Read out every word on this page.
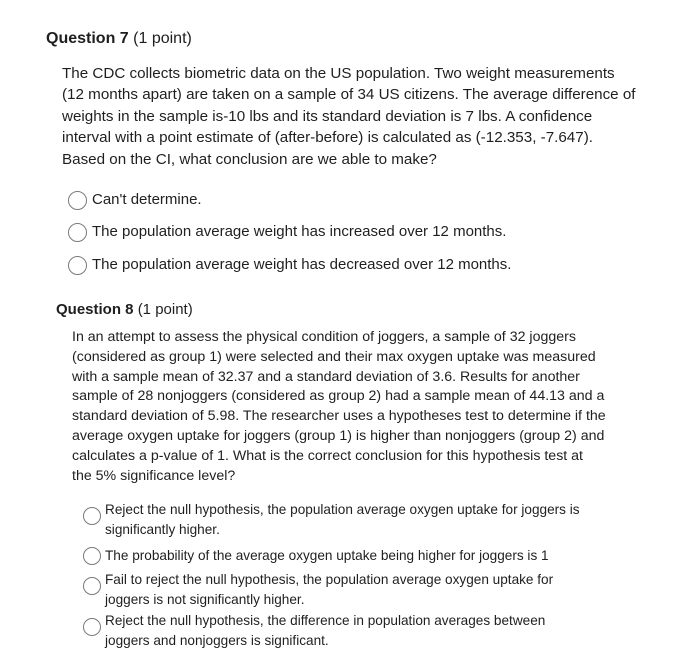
Question 7 (1 point)
The CDC collects biometric data on the US population. Two weight measurements
(12 months apart) are taken on a sample of 34 US citizens. The average difference of
weights in the sample is-10 lbs and its standard deviation is 7 lbs. A confidence
interval with a point estimate of (after-before) is calculated as (-12.353, -7.647).
Based on the CI, what conclusion are we able to make?
Can't determine.
The population average weight has increased over 12 months.
The population average weight has decreased over 12 months.
Question 8 (1 point)
In an attempt to assess the physical condition of joggers, a sample of 32 joggers
(considered as group 1) were selected and their max oxygen uptake was measured
with a sample mean of 32.37 and a standard deviation of 3.6. Results for another
sample of 28 nonjoggers (considered as group 2) had a sample mean of 44.13 and a
standard deviation of 5.98. The researcher uses a hypotheses test to determine if the
average oxygen uptake for joggers (group 1) is higher than nonjoggers (group 2) and
calculates a p-value of 1. What is the correct conclusion for this hypothesis test at
the 5% significance level?
Reject the null hypothesis, the population average oxygen uptake for joggers is
significantly higher.
The probability of the average oxygen uptake being higher for joggers is 1
Fail to reject the null hypothesis, the population average oxygen uptake for
joggers is not significantly higher.
Reject the null hypothesis, the difference in population averages between
joggers and nonjoggers is significant.
